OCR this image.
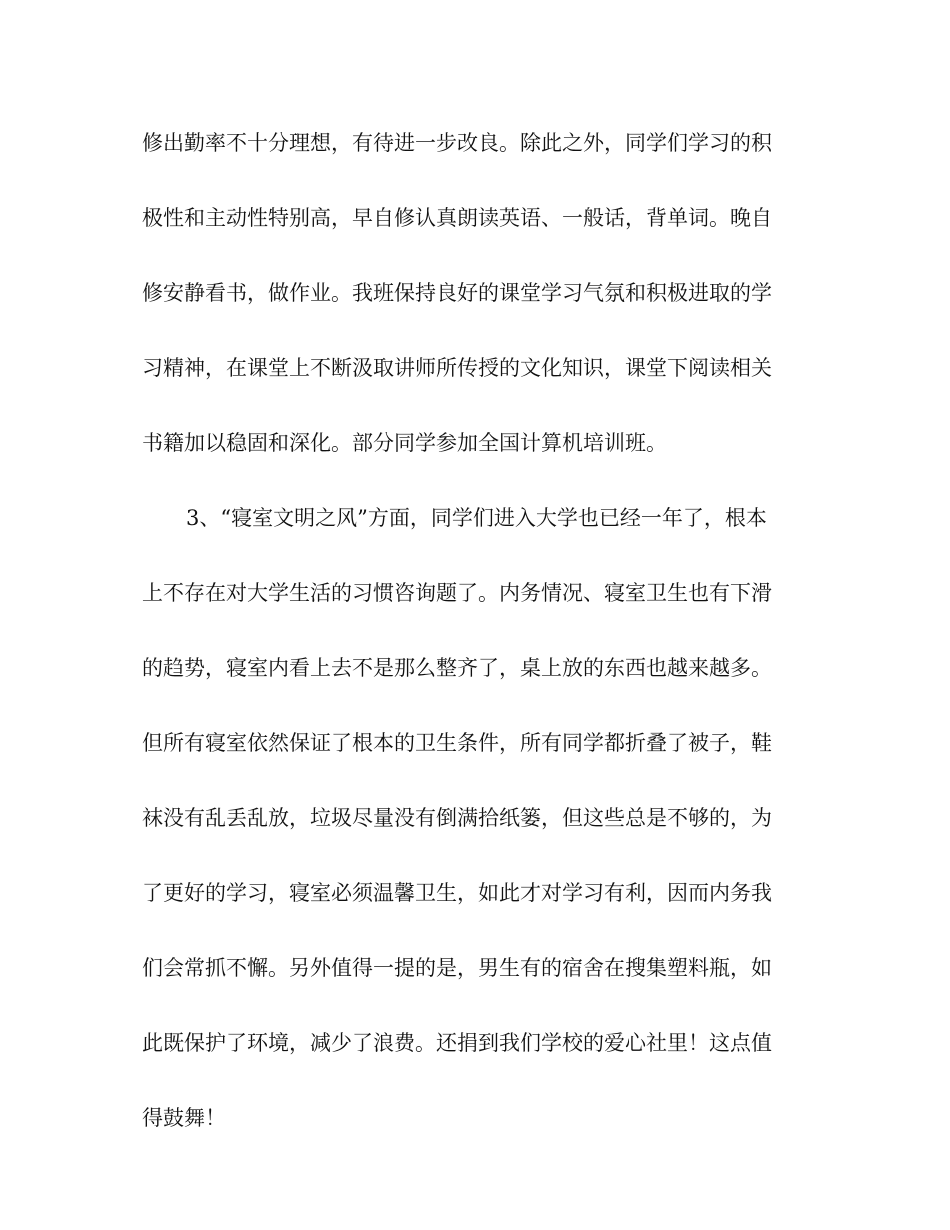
修出勤率不十分理想，有待进一步改良。除此之外，同学们学习的积
极性和主动性特别高，早自修认真朗读英语、一般话，背单词。晚自
修安静看书，做作业。我班保持良好的课堂学习气氛和积极进取的学
习精神，在课堂上不断汲取讲师所传授的文化知识，课堂下阅读相关
书籍加以稳固和深化。部分同学参加全国计算机培训班。
3、“寝室文明之风”方面，同学们进入大学也已经一年了，根本
上不存在对大学生活的习惯咨询题了。内务情况、寝室卫生也有下滑
的趋势，寝室内看上去不是那么整齐了，桌上放的东西也越来越多。
但所有寝室依然保证了根本的卫生条件，所有同学都折叠了被子，鞋
袜没有乱丢乱放，垃圾尽量没有倒满拾纸篓，但这些总是不够的，为
了更好的学习，寝室必须温馨卫生，如此才对学习有利，因而内务我
们会常抓不懈。另外值得一提的是，男生有的宿舍在搜集塑料瓶，如
此既保护了环境，减少了浪费。还捐到我们学校的爱心社里！这点值
得鼓舞！
